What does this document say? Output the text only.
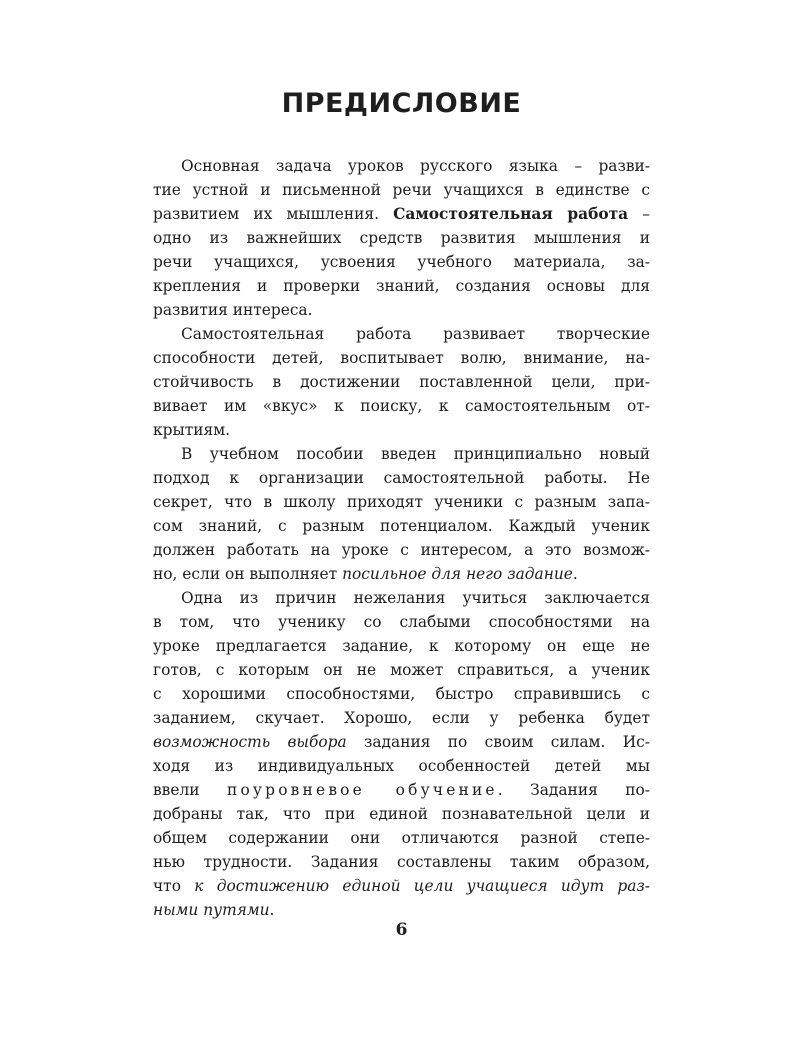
ПРЕДИСЛОВИЕ
Основная задача уроков русского языка – разви-
тие устной и письменной речи учащихся в единстве с
развитием их мышления. Самостоятельная работа –
одно из важнейших средств развития мышления и
речи учащихся, усвоения учебного материала, за-
крепления и проверки знаний, создания основы для
развития интереса.
Самостоятельная работа развивает творческие
способности детей, воспитывает волю, внимание, на-
стойчивость в достижении поставленной цели, при-
вивает им «вкус» к поиску, к самостоятельным от-
крытиям.
В учебном пособии введен принципиально новый
подход к организации самостоятельной работы. Не
секрет, что в школу приходят ученики с разным запа-
сом знаний, с разным потенциалом. Каждый ученик
должен работать на уроке с интересом, а это возмож-
но, если он выполняет посильное для него задание.
Одна из причин нежелания учиться заключается
в том, что ученику со слабыми способностями на
уроке предлагается задание, к которому он еще не
готов, с которым он не может справиться, а ученик
с хорошими способностями, быстро справившись с
заданием, скучает. Хорошо, если у ребенка будет
возможность выбора задания по своим силам. Ис-
ходя из индивидуальных особенностей детей мы
ввели поуровневое обучение. Задания по-
добраны так, что при единой познавательной цели и
общем содержании они отличаются разной степе-
нью трудности. Задания составлены таким образом,
что к достижению единой цели учащиеся идут раз-
ными путями.
6
